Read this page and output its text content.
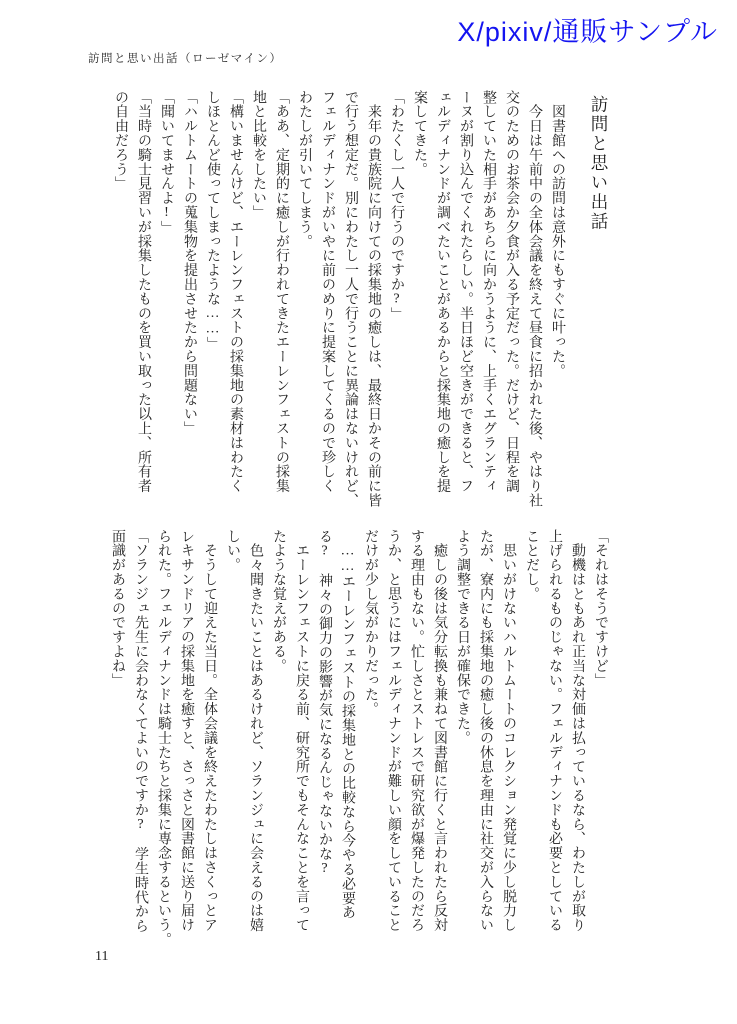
X/pixiv/通販サンプル
訪問と思い出話（ローゼマイン）
訪問と思い出話

　図書館への訪問は意外にもすぐに叶った。

　今日は午前中の全体会議を終えて昼食に招かれた後、やはり社

交のためのお茶会か夕食が入る予定だった。だけど、日程を調

整していた相手があちらに向かうように、上手くエグランティ

ーヌが割り込んでくれたらしい。半日ほど空きができると、フ

ェルディナンドが調べたいことがあるからと採集地の癒しを提

案してきた。

「わたくし一人で行うのですか?」

　来年の貴族院に向けての採集地の癒しは、最終日かその前に皆

で行う想定だ。別にわたし一人で行うことに異論はないけれど、

フェルディナンドがいやに前のめりに提案してくるので珍しく

わたしが引いてしまう。

「ああ、定期的に癒しが行われてきたエーレンフェストの採集

地と比較をしたい」

「構いませんけど、エーレンフェストの採集地の素材はわたく

しほとんど使ってしまったような……」

「ハルトムートの蒐集物を提出させたから問題ない」

「聞いてませんよ!」

「当時の騎士見習いが採集したものを買い取った以上、所有者

の自由だろう」

「それはそうですけど」

　動機はともあれ正当な対価は払っているなら、わたしが取り

上げられるものじゃない。フェルディナンドも必要としている

ことだし。

　思いがけないハルトムートのコレクション発覚に少し脱力し

たが、寮内にも採集地の癒し後の休息を理由に社交が入らない

よう調整できる日が確保できた。

　癒しの後は気分転換も兼ねて図書館に行くと言われたら反対

する理由もない。忙しさとストレスで研究欲が爆発したのだろ

うか、と思うにはフェルディナンドが難しい顔をしていること

だけが少し気がかりだった。

　……エーレンフェストの採集地との比較なら今やる必要あ

る?　神々の御力の影響が気になるんじゃないかな?

　エーレンフェストに戻る前、研究所でもそんなことを言って

たような覚えがある。

　色々聞きたいことはあるけれど、ソランジュに会えるのは嬉

しい。

　そうして迎えた当日。全体会議を終えたわたしはさくっとア

レキサンドリアの採集地を癒すと、さっさと図書館に送り届け

られた。フェルディナンドは騎士たちと採集に専念するという。

「ソランジュ先生に会わなくてよいのですか?　学生時代から

面識があるのですよね」

11
